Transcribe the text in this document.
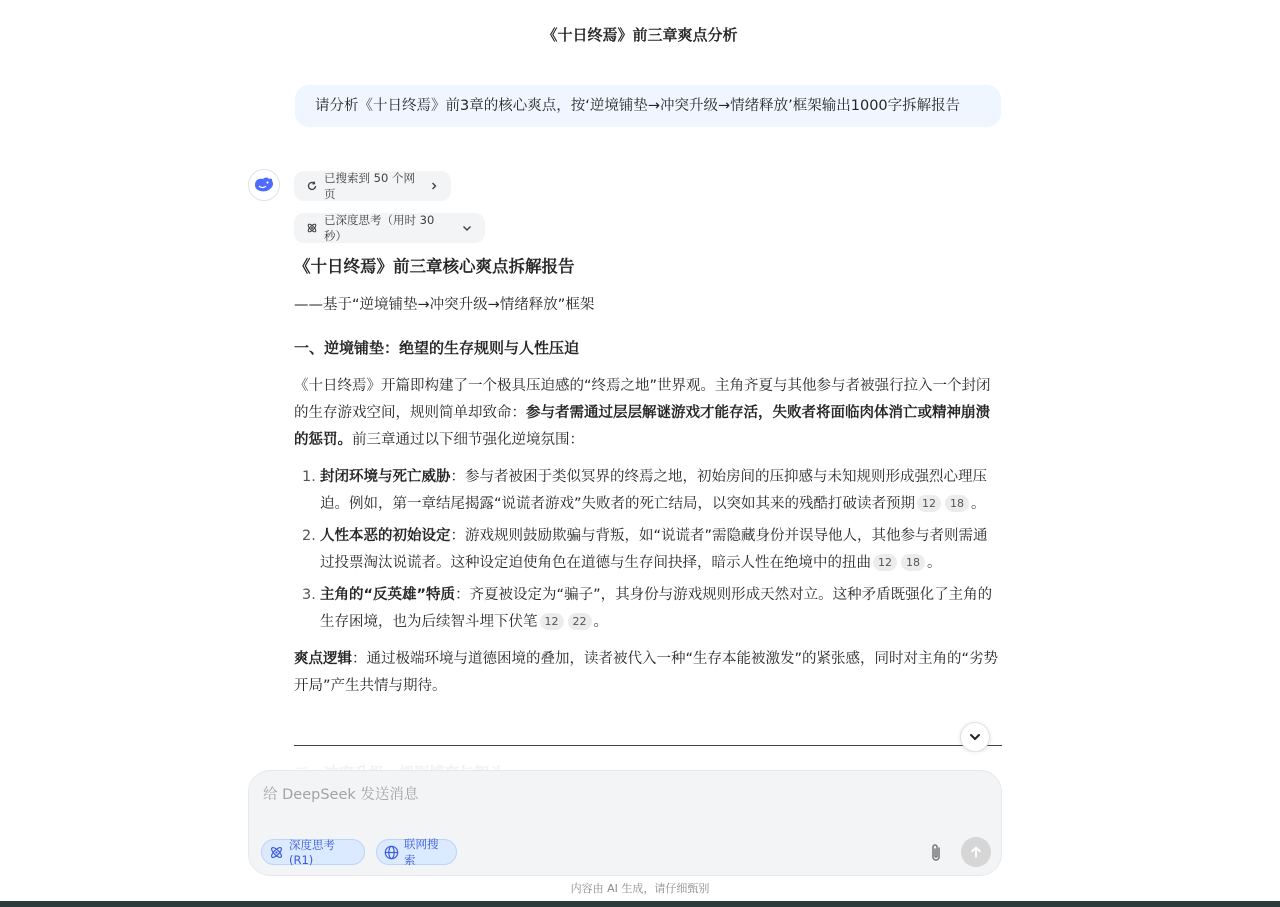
《十日终焉》前三章爽点分析
请分析《十日终焉》前3章的核心爽点，按‘逆境铺垫→冲突升级→情绪释放’框架输出1000字拆解报告
已搜索到 50 个网页
已深度思考（用时 30 秒）
《十日终焉》前三章核心爽点拆解报告
——基于“逆境铺垫→冲突升级→情绪释放”框架
一、逆境铺垫：绝望的生存规则与人性压迫

《十日终焉》开篇即构建了一个极具压迫感的“终焉之地”世界观。主角齐夏与其他参与者被强行拉入一个封闭的生存游戏空间，规则简单却致命：参与者需通过层层解谜游戏才能存活，失败者将面临肉体消亡或精神崩溃的惩罚。前三章通过以下细节强化逆境氛围：

1. 封闭环境与死亡威胁：参与者被困于类似冥界的终焉之地，初始房间的压抑感与未知规则形成强烈心理压迫。例如，第一章结尾揭露“说谎者游戏”失败者的死亡结局，以突如其来的残酷打破读者预期 12 18 。
2. 人性本恶的初始设定：游戏规则鼓励欺骗与背叛，如“说谎者”需隐藏身份并误导他人，其他参与者则需通过投票淘汰说谎者。这种设定迫使角色在道德与生存间抉择，暗示人性在绝境中的扭曲 12 18 。
3. 主角的“反英雄”特质：齐夏被设定为“骗子”，其身份与游戏规则形成天然对立。这种矛盾既强化了主角的生存困境，也为后续智斗埋下伏笔 12 22 。

爽点逻辑：通过极端环境与道德困境的叠加，读者被代入一种“生存本能被激发”的紧张感，同时对主角的“劣势开局”产生共情与期待。

给 DeepSeek 发送消息
深度思考 (R1)
联网搜索
内容由 AI 生成，请仔细甄别
